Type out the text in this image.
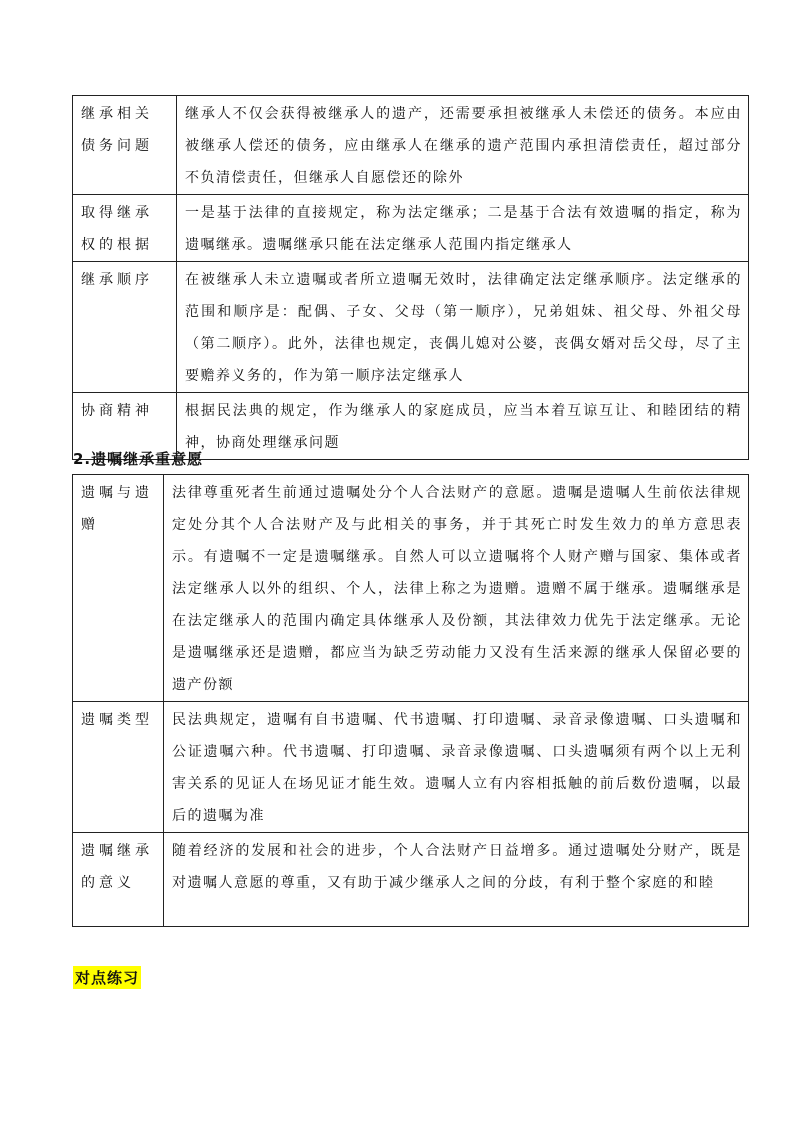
继承相关债务问题	继承人不仅会获得被继承人的遗产，还需要承担被继承人未偿还的债务。本应由被继承人偿还的债务，应由继承人在继承的遗产范围内承担清偿责任，超过部分不负清偿责任，但继承人自愿偿还的除外
取得继承权的根据	一是基于法律的直接规定，称为法定继承；二是基于合法有效遗嘱的指定，称为遗嘱继承。遗嘱继承只能在法定继承人范围内指定继承人
继承顺序	在被继承人未立遗嘱或者所立遗嘱无效时，法律确定法定继承顺序。法定继承的范围和顺序是：配偶、子女、父母（第一顺序），兄弟姐妹、祖父母、外祖父母（第二顺序）。此外，法律也规定，丧偶儿媳对公婆，丧偶女婿对岳父母，尽了主要赡养义务的，作为第一顺序法定继承人
协商精神	根据民法典的规定，作为继承人的家庭成员，应当本着互谅互让、和睦团结的精神，协商处理继承问题
2.遗嘱继承重意愿
遗嘱与遗赠	法律尊重死者生前通过遗嘱处分个人合法财产的意愿。遗嘱是遗嘱人生前依法律规定处分其个人合法财产及与此相关的事务，并于其死亡时发生效力的单方意思表示。有遗嘱不一定是遗嘱继承。自然人可以立遗嘱将个人财产赠与国家、集体或者法定继承人以外的组织、个人，法律上称之为遗赠。遗赠不属于继承。遗嘱继承是在法定继承人的范围内确定具体继承人及份额，其法律效力优先于法定继承。无论是遗嘱继承还是遗赠，都应当为缺乏劳动能力又没有生活来源的继承人保留必要的遗产份额
遗嘱类型	民法典规定，遗嘱有自书遗嘱、代书遗嘱、打印遗嘱、录音录像遗嘱、口头遗嘱和公证遗嘱六种。代书遗嘱、打印遗嘱、录音录像遗嘱、口头遗嘱须有两个以上无利害关系的见证人在场见证才能生效。遗嘱人立有内容相抵触的前后数份遗嘱，以最后的遗嘱为准
遗嘱继承的意义	随着经济的发展和社会的进步，个人合法财产日益增多。通过遗嘱处分财产，既是对遗嘱人意愿的尊重，又有助于减少继承人之间的分歧，有利于整个家庭的和睦
对点练习
